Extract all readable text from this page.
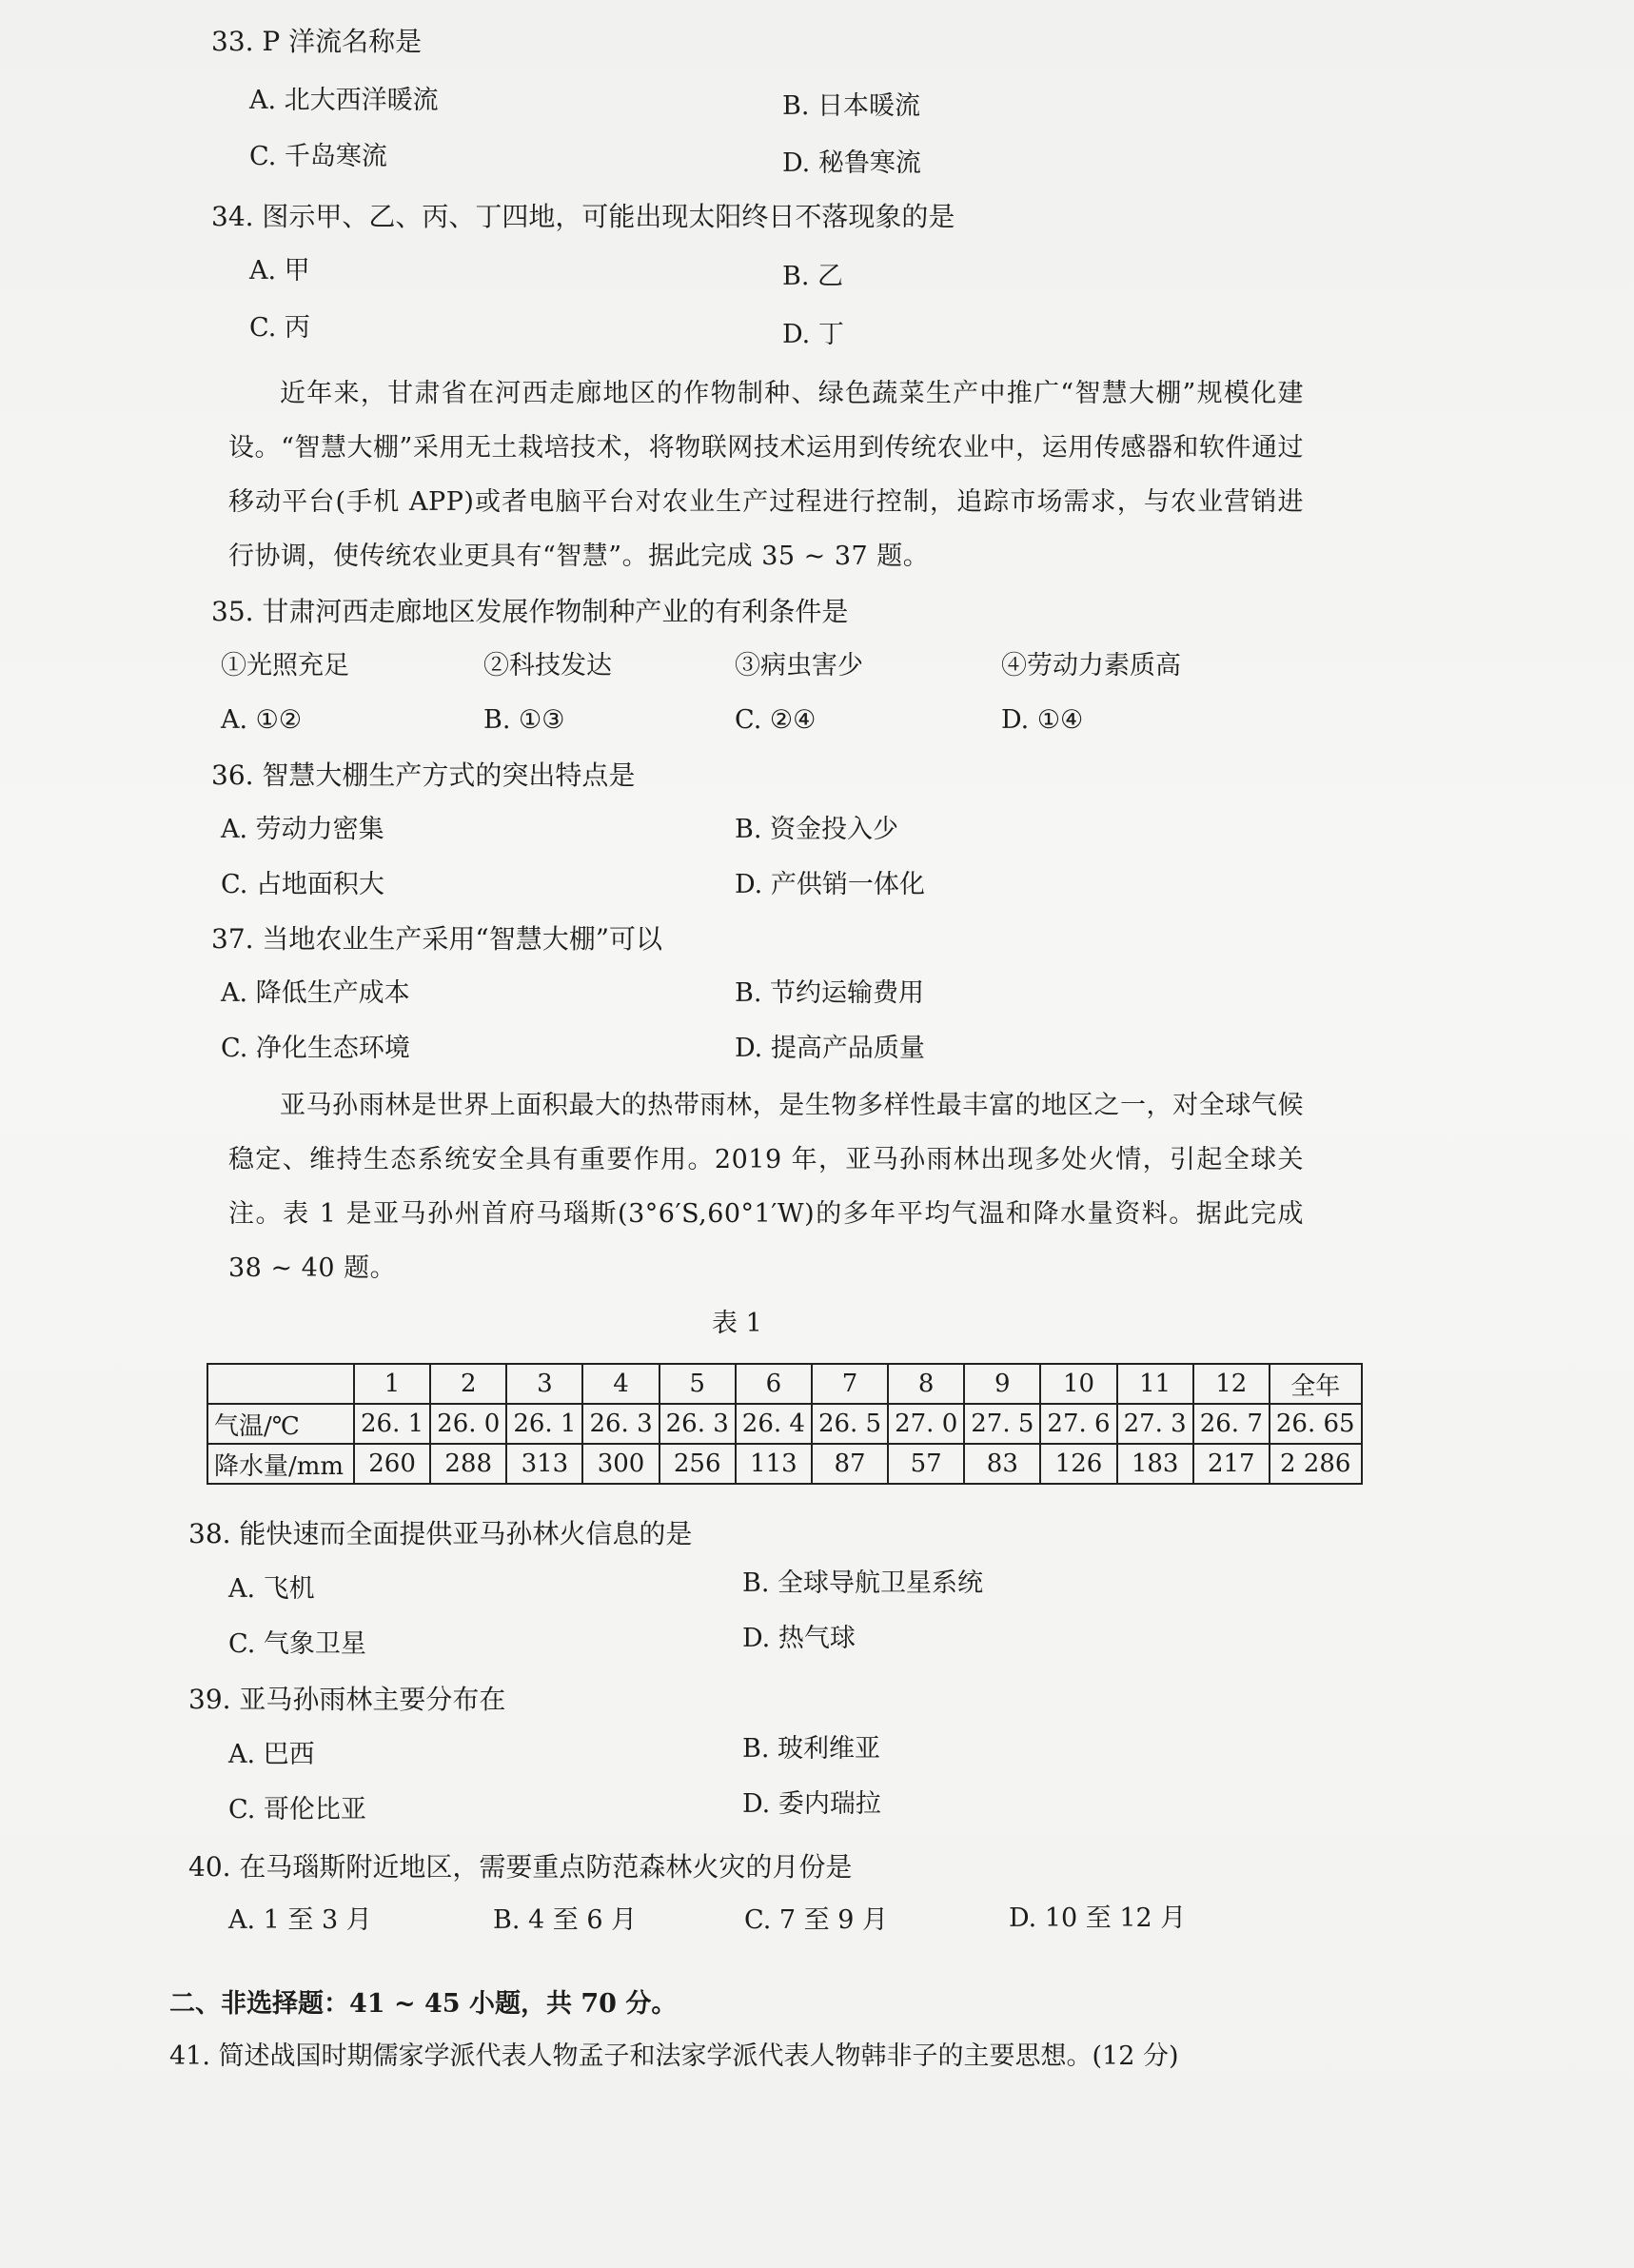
33. P 洋流名称是
A. 北大西洋暖流	B. 日本暖流
C. 千岛寒流	D. 秘鲁寒流
34. 图示甲、乙、丙、丁四地，可能出现太阳终日不落现象的是
A. 甲	B. 乙
C. 丙	D. 丁
近年来，甘肃省在河西走廊地区的作物制种、绿色蔬菜生产中推广“智慧大棚”规模化建设。“智慧大棚”采用无土栽培技术，将物联网技术运用到传统农业中，运用传感器和软件通过移动平台(手机 APP)或者电脑平台对农业生产过程进行控制，追踪市场需求，与农业营销进行协调，使传统农业更具有“智慧”。据此完成 35 ~ 37 题。
35. 甘肃河西走廊地区发展作物制种产业的有利条件是
①光照充足	②科技发达	③病虫害少	④劳动力素质高
A. ①②	B. ①③	C. ②④	D. ①④
36. 智慧大棚生产方式的突出特点是
A. 劳动力密集	B. 资金投入少
C. 占地面积大	D. 产供销一体化
37. 当地农业生产采用“智慧大棚”可以
A. 降低生产成本	B. 节约运输费用
C. 净化生态环境	D. 提高产品质量
亚马孙雨林是世界上面积最大的热带雨林，是生物多样性最丰富的地区之一，对全球气候稳定、维持生态系统安全具有重要作用。2019 年，亚马孙雨林出现多处火情，引起全球关注。表 1 是亚马孙州首府马瑙斯(3°6′S,60°1′W)的多年平均气温和降水量资料。据此完成 38 ~ 40 题。
表 1
	1	2	3	4	5	6	7	8	9	10	11	12	全年
气温/℃	26. 1	26. 0	26. 1	26. 3	26. 3	26. 4	26. 5	27. 0	27. 5	27. 6	27. 3	26. 7	26. 65
降水量/mm	260	288	313	300	256	113	87	57	83	126	183	217	2 286
38. 能快速而全面提供亚马孙林火信息的是
A. 飞机	B. 全球导航卫星系统
C. 气象卫星	D. 热气球
39. 亚马孙雨林主要分布在
A. 巴西	B. 玻利维亚
C. 哥伦比亚	D. 委内瑞拉
40. 在马瑙斯附近地区，需要重点防范森林火灾的月份是
A. 1 至 3 月	B. 4 至 6 月	C. 7 至 9 月	D. 10 至 12 月
二、非选择题：41 ~ 45 小题，共 70 分。
41. 简述战国时期儒家学派代表人物孟子和法家学派代表人物韩非子的主要思想。(12 分)
